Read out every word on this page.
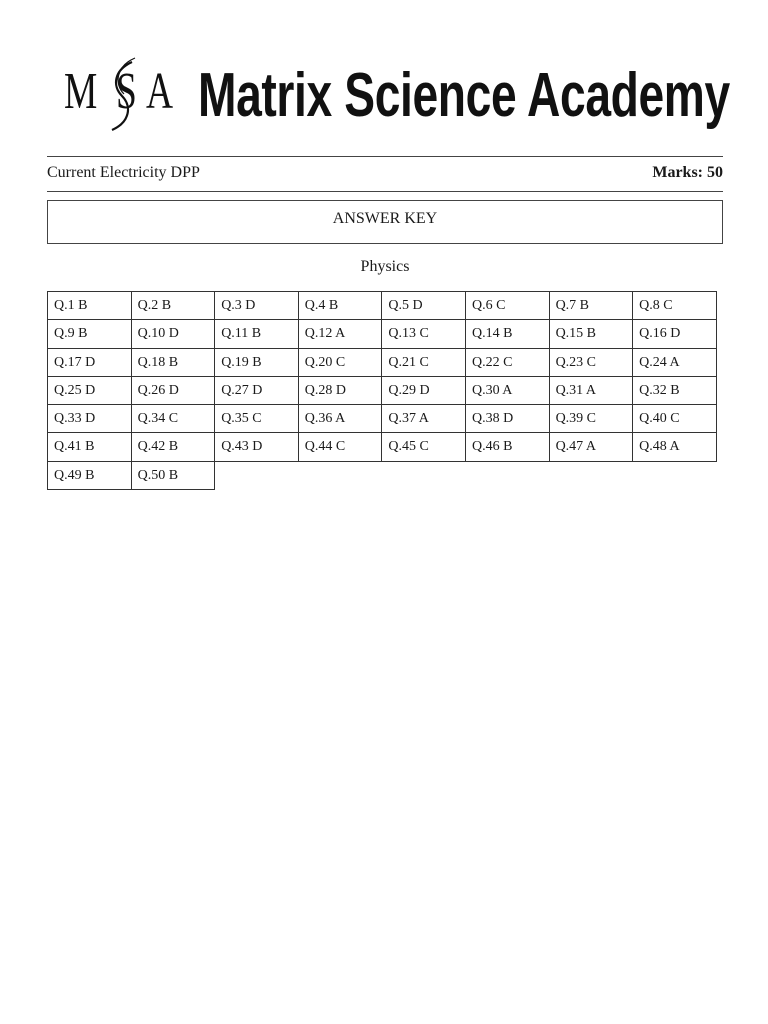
M S A Matrix Science Academy
Current Electricity DPP	Marks: 50
ANSWER KEY
Physics
Q.1 B	Q.2 B	Q.3 D	Q.4 B	Q.5 D	Q.6 C	Q.7 B	Q.8 C
Q.9 B	Q.10 D	Q.11 B	Q.12 A	Q.13 C	Q.14 B	Q.15 B	Q.16 D
Q.17 D	Q.18 B	Q.19 B	Q.20 C	Q.21 C	Q.22 C	Q.23 C	Q.24 A
Q.25 D	Q.26 D	Q.27 D	Q.28 D	Q.29 D	Q.30 A	Q.31 A	Q.32 B
Q.33 D	Q.34 C	Q.35 C	Q.36 A	Q.37 A	Q.38 D	Q.39 C	Q.40 C
Q.41 B	Q.42 B	Q.43 D	Q.44 C	Q.45 C	Q.46 B	Q.47 A	Q.48 A
Q.49 B	Q.50 B
